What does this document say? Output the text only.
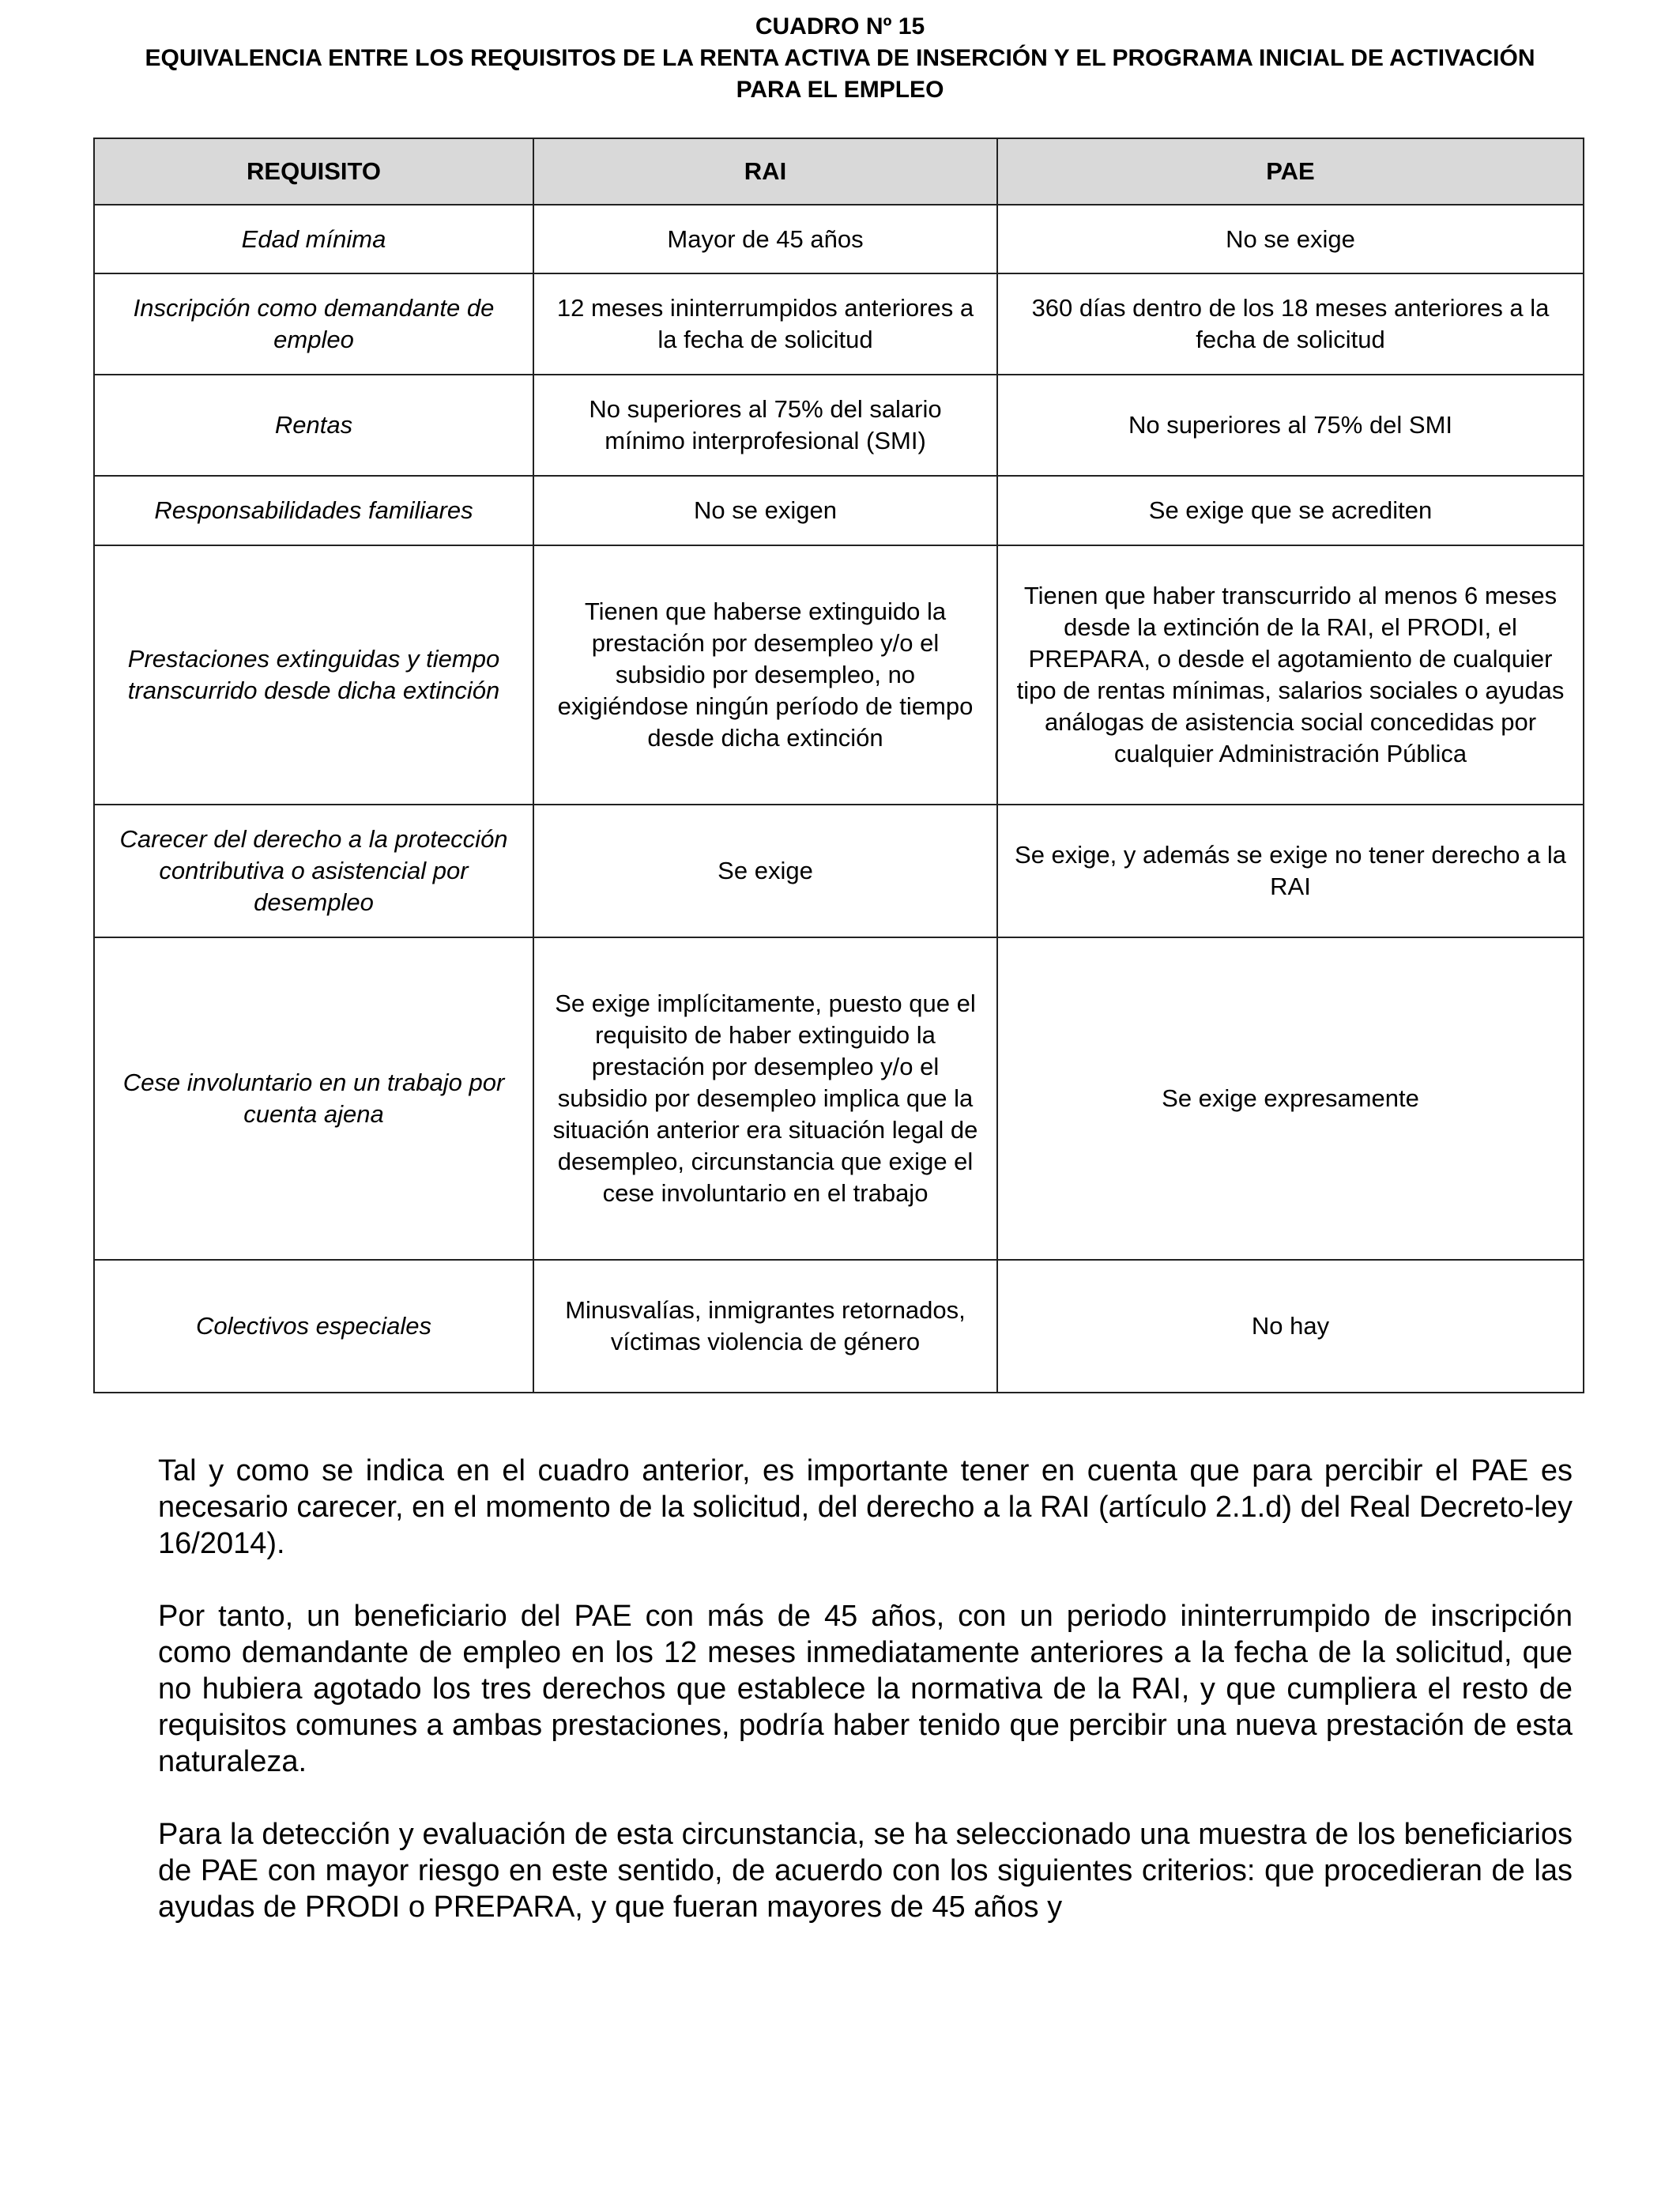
CUADRO Nº 15
EQUIVALENCIA ENTRE LOS REQUISITOS DE LA RENTA ACTIVA DE INSERCIÓN Y EL PROGRAMA INICIAL DE ACTIVACIÓN PARA EL EMPLEO
REQUISITO	RAI	PAE
Edad mínima	Mayor de 45 años	No se exige
Inscripción como demandante de empleo	12 meses ininterrumpidos anteriores a la fecha de solicitud	360 días dentro de los 18 meses anteriores a la fecha de solicitud
Rentas	No superiores al 75% del salario mínimo interprofesional (SMI)	No superiores al 75% del SMI
Responsabilidades familiares	No se exigen	Se exige que se acrediten
Prestaciones extinguidas y tiempo transcurrido desde dicha extinción	Tienen que haberse extinguido la prestación por desempleo y/o el subsidio por desempleo, no exigiéndose ningún período de tiempo desde dicha extinción	Tienen que haber transcurrido al menos 6 meses desde la extinción de la RAI, el PRODI, el PREPARA, o desde el agotamiento de cualquier tipo de rentas mínimas, salarios sociales o ayudas análogas de asistencia social concedidas por cualquier Administración Pública
Carecer del derecho a la protección contributiva o asistencial por desempleo	Se exige	Se exige, y además se exige no tener derecho a la RAI
Cese involuntario en un trabajo por cuenta ajena	Se exige implícitamente, puesto que el requisito de haber extinguido la prestación por desempleo y/o el subsidio por desempleo implica que la situación anterior era situación legal de desempleo, circunstancia que exige el cese involuntario en el trabajo	Se exige expresamente
Colectivos especiales	Minusvalías, inmigrantes retornados, víctimas violencia de género	No hay

Tal y como se indica en el cuadro anterior, es importante tener en cuenta que para percibir el PAE es necesario carecer, en el momento de la solicitud, del derecho a la RAI (artículo 2.1.d) del Real Decreto-ley 16/2014).

Por tanto, un beneficiario del PAE con más de 45 años, con un periodo ininterrumpido de inscripción como demandante de empleo en los 12 meses inmediatamente anteriores a la fecha de la solicitud, que no hubiera agotado los tres derechos que establece la normativa de la RAI, y que cumpliera el resto de requisitos comunes a ambas prestaciones, podría haber tenido que percibir una nueva prestación de esta naturaleza.

Para la detección y evaluación de esta circunstancia, se ha seleccionado una muestra de los beneficiarios de PAE con mayor riesgo en este sentido, de acuerdo con los siguientes criterios: que procedieran de las ayudas de PRODI o PREPARA, y que fueran mayores de 45 años y
